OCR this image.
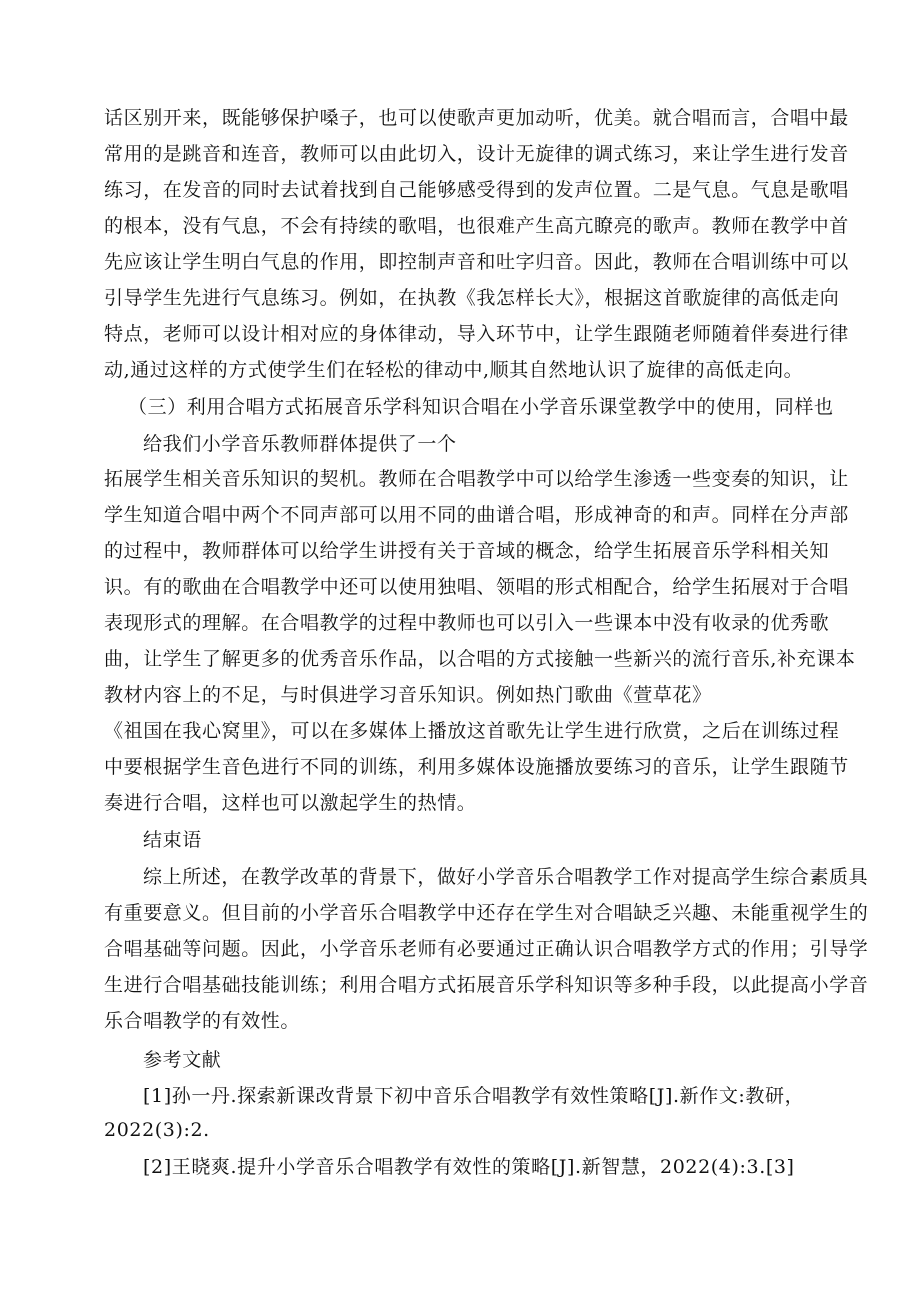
话区别开来，既能够保护嗓子，也可以使歌声更加动听，优美。就合唱而言，合唱中最
常用的是跳音和连音，教师可以由此切入，设计无旋律的调式练习，来让学生进行发音
练习，在发音的同时去试着找到自己能够感受得到的发声位置。二是气息。气息是歌唱
的根本，没有气息，不会有持续的歌唱，也很难产生高亢瞭亮的歌声。教师在教学中首
先应该让学生明白气息的作用，即控制声音和吐字归音。因此，教师在合唱训练中可以
引导学生先进行气息练习。例如，在执教《我怎样长大》，根据这首歌旋律的高低走向
特点，老师可以设计相对应的身体律动，导入环节中，让学生跟随老师随着伴奏进行律
动,通过这样的方式使学生们在轻松的律动中,顺其自然地认识了旋律的高低走向。
（三）利用合唱方式拓展音乐学科知识合唱在小学音乐课堂教学中的使用，同样也
给我们小学音乐教师群体提供了一个
拓展学生相关音乐知识的契机。教师在合唱教学中可以给学生渗透一些变奏的知识，让
学生知道合唱中两个不同声部可以用不同的曲谱合唱，形成神奇的和声。同样在分声部
的过程中，教师群体可以给学生讲授有关于音域的概念，给学生拓展音乐学科相关知
识。有的歌曲在合唱教学中还可以使用独唱、领唱的形式相配合，给学生拓展对于合唱
表现形式的理解。在合唱教学的过程中教师也可以引入一些课本中没有收录的优秀歌
曲，让学生了解更多的优秀音乐作品，以合唱的方式接触一些新兴的流行音乐,补充课本
教材内容上的不足，与时俱进学习音乐知识。例如热门歌曲《萱草花》
《祖国在我心窝里》，可以在多媒体上播放这首歌先让学生进行欣赏，之后在训练过程
中要根据学生音色进行不同的训练，利用多媒体设施播放要练习的音乐，让学生跟随节
奏进行合唱，这样也可以激起学生的热情。
结束语
综上所述，在教学改革的背景下，做好小学音乐合唱教学工作对提高学生综合素质具
有重要意义。但目前的小学音乐合唱教学中还存在学生对合唱缺乏兴趣、未能重视学生的
合唱基础等问题。因此，小学音乐老师有必要通过正确认识合唱教学方式的作用；引导学
生进行合唱基础技能训练；利用合唱方式拓展音乐学科知识等多种手段，以此提高小学音
乐合唱教学的有效性。
参考文献
[1]孙一丹.探索新课改背景下初中音乐合唱教学有效性策略[J].新作文:教研，
2022(3):2.
[2]王晓爽.提升小学音乐合唱教学有效性的策略[J].新智慧，2022(4):3.[3]
